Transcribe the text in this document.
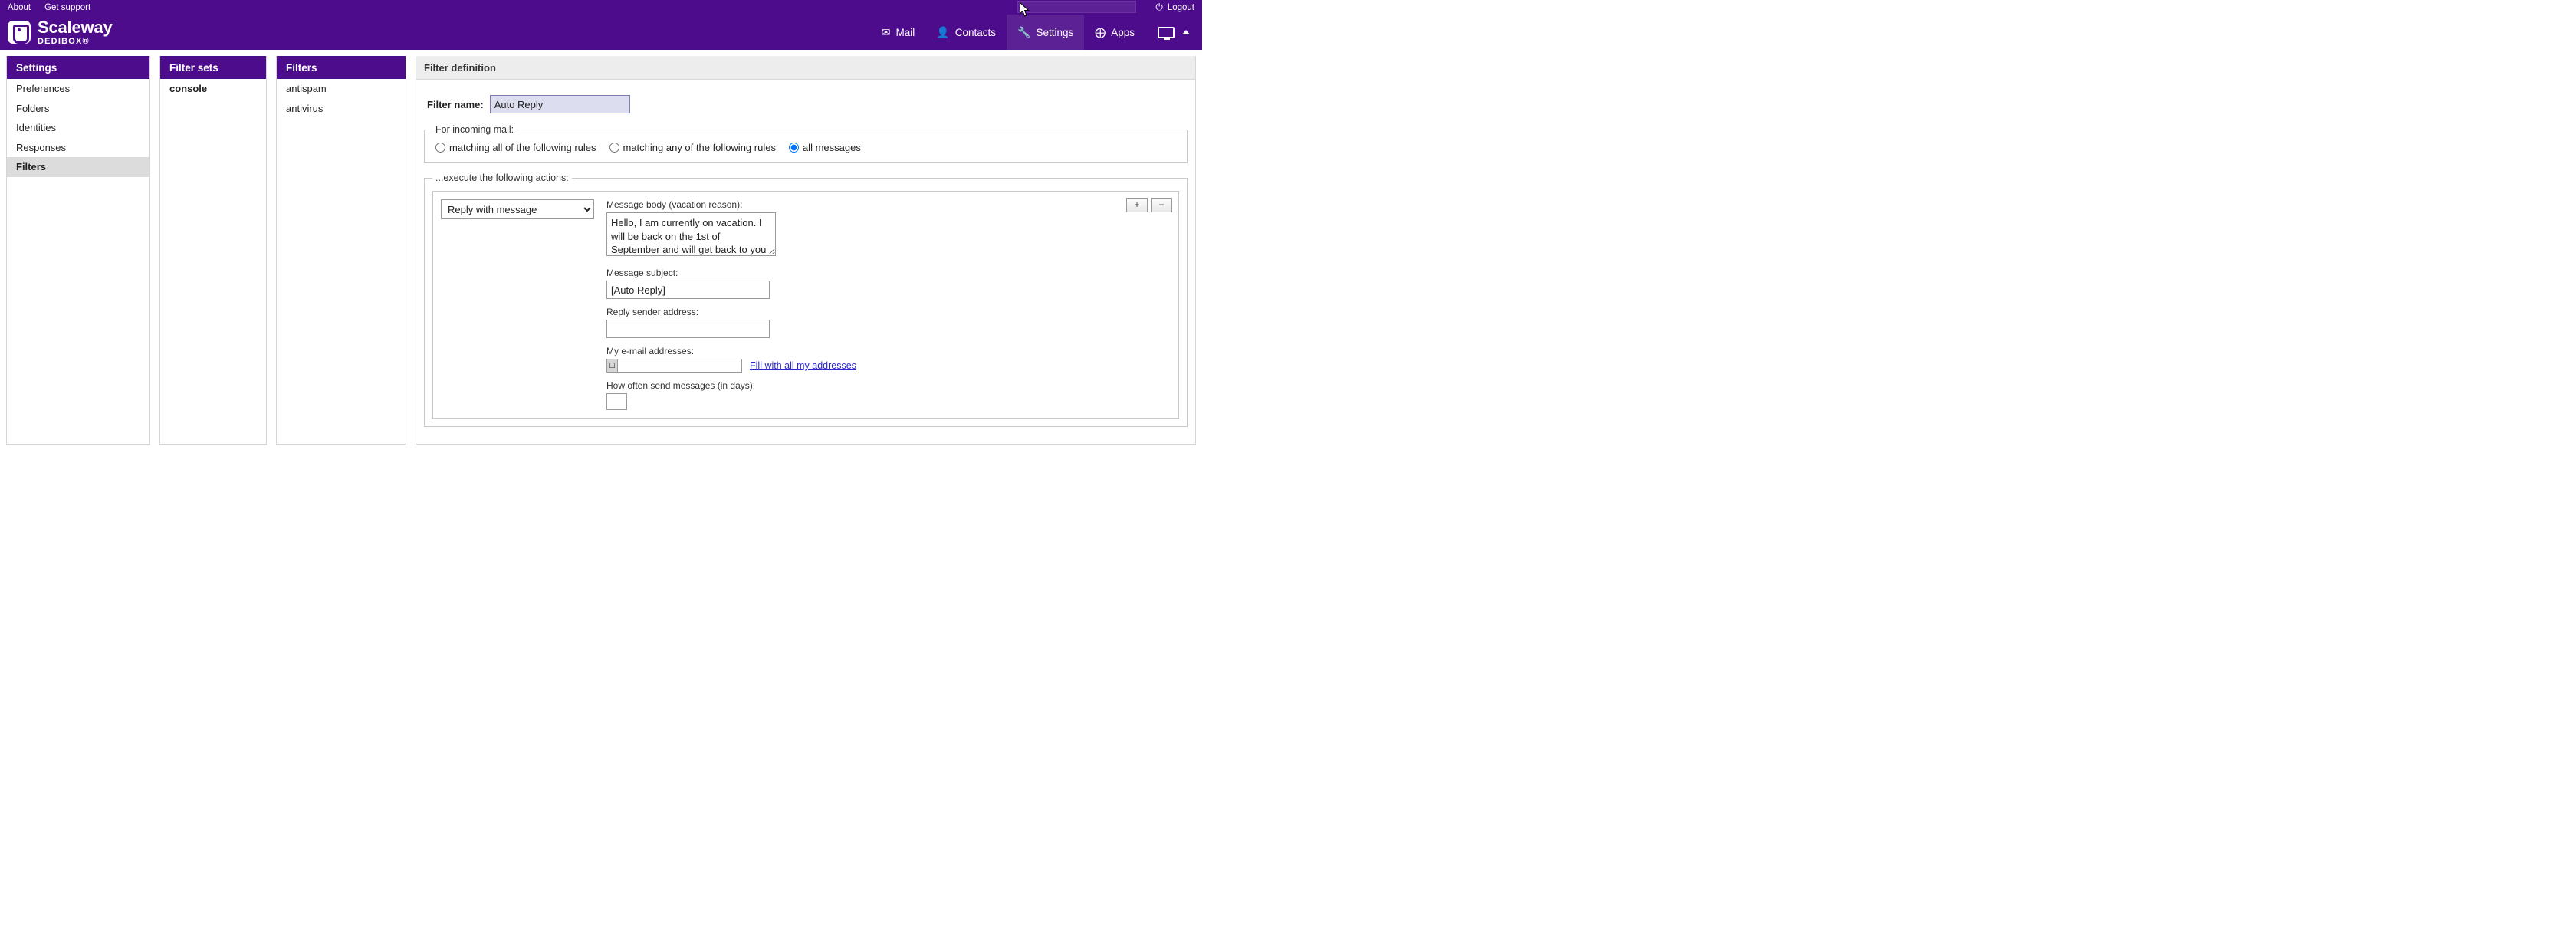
About Get support	⏻ Logout
Scaleway
DEDIBOX®
✉ Mail 👤 Contacts 🔧 Settings ⨁ Apps
Settings
Preferences
Folders
Identities
Responses
Filters
Filter sets
console
Filters
antispam
antivirus
Filter definition
Filter name:
Auto Reply
For incoming mail:
matching all of the following rules	matching any of the following rules	all messages
...execute the following actions:
+	−
Reply with message
Message body (vacation reason):
Hello, I am currently on vacation. I will be back on the 1st of September and will get back to you then.
Message subject:
[Auto Reply]
Reply sender address:
My e-mail addresses:
☐	Fill with all my addresses
How often send messages (in days):
